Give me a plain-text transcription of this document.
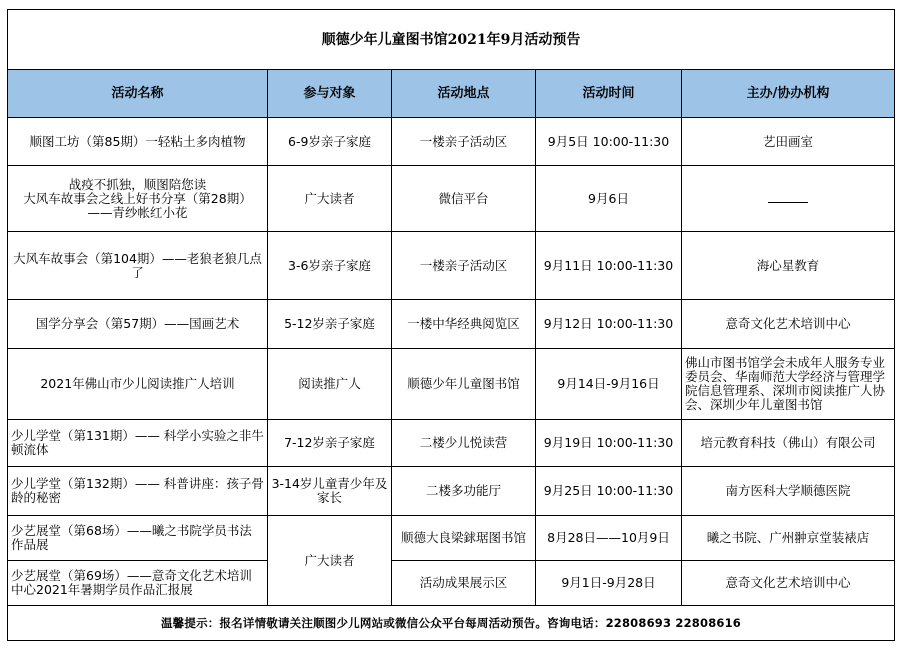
顺德少年儿童图书馆2021年9月活动预告				
活动名称	参与对象	活动地点	活动时间	主办/协办机构
顺图工坊（第85期）一轻粘土多肉植物	6-9岁亲子家庭	一楼亲子活动区	9月5日 10:00-11:30	艺田画室

战疫不抓独，顺图陪您读
大风车故事会之线上好书分享（第28期）
——青纱帐红小花	广大读者	微信平台	9月6日	
大风车故事会（第104期）——老狼老狼几点了	3-6岁亲子家庭	一楼亲子活动区	9月11日 10:00-11:30	海心星教育
国学分享会（第57期）——国画艺术	5-12岁亲子家庭	一楼中华经典阅览区	9月12日 10:00-11:30	意奇文化艺术培训中心
2021年佛山市少儿阅读推广人培训	阅读推广人	顺德少年儿童图书馆	9月14日-9月16日	佛山市图书馆学会未成年人服务专业委员会、华南师范大学经济与管理学院信息管理系、深圳市阅读推广人协会、深圳少年儿童图书馆
少儿学堂（第131期）—— 科学小实验之非牛顿流体	7-12岁亲子家庭	二楼少儿悦读营	9月19日 10:00-11:30	培元教育科技（佛山）有限公司
少儿学堂（第132期）—— 科普讲座：孩子骨龄的秘密	3-14岁儿童青少年及家长	二楼多功能厅	9月25日 10:00-11:30	南方医科大学顺德医院
少艺展堂（第68场）——曦之书院学员书法作品展	广大读者	顺德大良梁銶琚图书馆	8月28日——10月9日	曦之书院、广州翀京堂装裱店
少艺展堂（第69场）——意奇文化艺术培训中心2021年暑期学员作品汇报展		活动成果展示区	9月1日-9月28日	意奇文化艺术培训中心
温馨提示：报名详情敬请关注顺图少儿网站或微信公众平台每周活动预告。咨询电话：22808693 22808616				
